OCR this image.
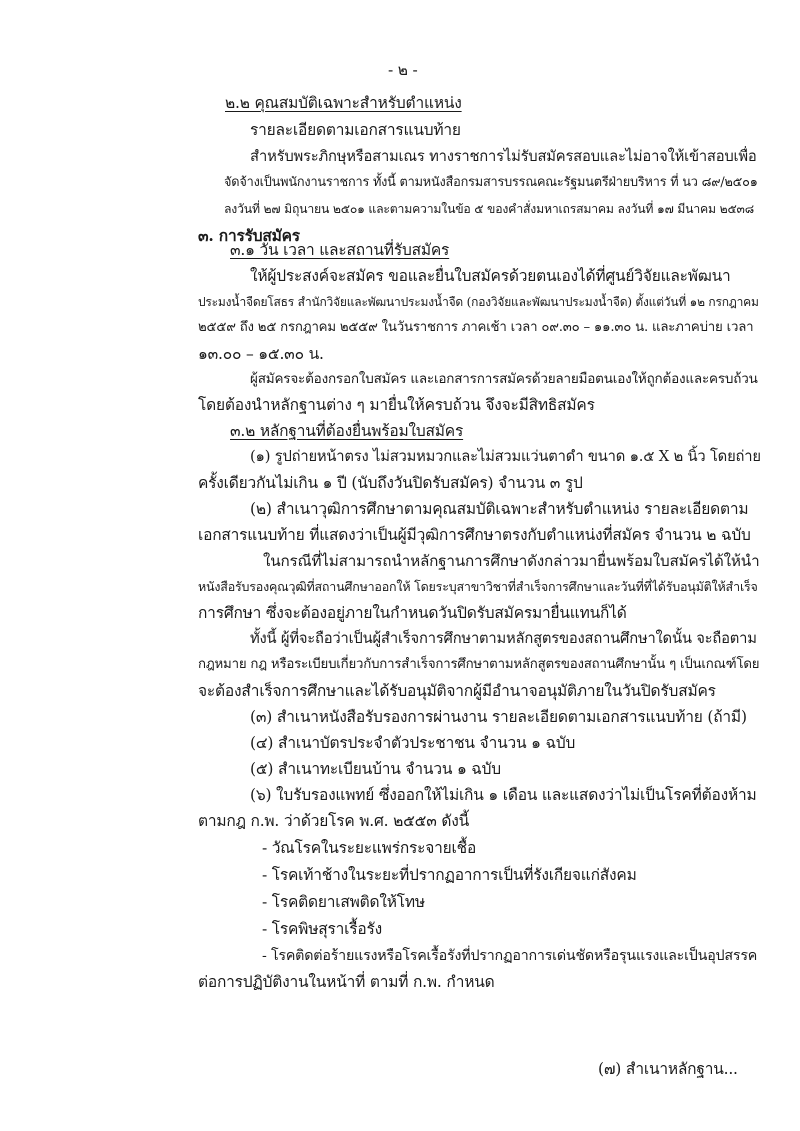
- ๒ -
๒.๒ คุณสมบัติเฉพาะสำหรับตำแหน่ง
รายละเอียดตามเอกสารแนบท้าย
สำหรับพระภิกษุหรือสามเณร ทางราชการไม่รับสมัครสอบและไม่อาจให้เข้าสอบเพื่อ
จัดจ้างเป็นพนักงานราชการ ทั้งนี้ ตามหนังสือกรมสารบรรณคณะรัฐมนตรีฝ่ายบริหาร ที่ นว ๘๙/๒๕๐๑
ลงวันที่ ๒๗ มิถุนายน ๒๕๐๑ และตามความในข้อ ๕ ของคำสั่งมหาเถรสมาคม ลงวันที่ ๑๗ มีนาคม ๒๕๓๘
๓. การรับสมัคร
๓.๑ วัน เวลา และสถานที่รับสมัคร
ให้ผู้ประสงค์จะสมัคร ขอและยื่นใบสมัครด้วยตนเองได้ที่ศูนย์วิจัยและพัฒนา
ประมงน้ำจืดยโสธร สำนักวิจัยและพัฒนาประมงน้ำจืด (กองวิจัยและพัฒนาประมงน้ำจืด) ตั้งแต่วันที่ ๑๒ กรกฎาคม
๒๕๕๙ ถึง ๒๕ กรกฎาคม ๒๕๕๙ ในวันราชการ ภาคเช้า เวลา ๐๙.๓๐ – ๑๑.๓๐ น. และภาคบ่าย เวลา
๑๓.๐๐ – ๑๕.๓๐ น.
ผู้สมัครจะต้องกรอกใบสมัคร และเอกสารการสมัครด้วยลายมือตนเองให้ถูกต้องและครบถ้วน
โดยต้องนำหลักฐานต่าง ๆ มายื่นให้ครบถ้วน จึงจะมีสิทธิสมัคร
๓.๒ หลักฐานที่ต้องยื่นพร้อมใบสมัคร
(๑) รูปถ่ายหน้าตรง ไม่สวมหมวกและไม่สวมแว่นตาดำ ขนาด ๑.๕ X ๒ นิ้ว โดยถ่าย
ครั้งเดียวกันไม่เกิน ๑ ปี (นับถึงวันปิดรับสมัคร) จำนวน ๓ รูป
(๒) สำเนาวุฒิการศึกษาตามคุณสมบัติเฉพาะสำหรับตำแหน่ง รายละเอียดตาม
เอกสารแนบท้าย ที่แสดงว่าเป็นผู้มีวุฒิการศึกษาตรงกับตำแหน่งที่สมัคร จำนวน ๒ ฉบับ
ในกรณีที่ไม่สามารถนำหลักฐานการศึกษาดังกล่าวมายื่นพร้อมใบสมัครได้ให้นำ
หนังสือรับรองคุณวุฒิที่สถานศึกษาออกให้ โดยระบุสาขาวิชาที่สำเร็จการศึกษาและวันที่ที่ได้รับอนุมัติให้สำเร็จ
การศึกษา ซึ่งจะต้องอยู่ภายในกำหนดวันปิดรับสมัครมายื่นแทนก็ได้
ทั้งนี้ ผู้ที่จะถือว่าเป็นผู้สำเร็จการศึกษาตามหลักสูตรของสถานศึกษาใดนั้น จะถือตาม
กฎหมาย กฎ หรือระเบียบเกี่ยวกับการสำเร็จการศึกษาตามหลักสูตรของสถานศึกษานั้น ๆ เป็นเกณฑ์โดย
จะต้องสำเร็จการศึกษาและได้รับอนุมัติจากผู้มีอำนาจอนุมัติภายในวันปิดรับสมัคร
(๓) สำเนาหนังสือรับรองการผ่านงาน รายละเอียดตามเอกสารแนบท้าย (ถ้ามี)
(๔) สำเนาบัตรประจำตัวประชาชน จำนวน ๑ ฉบับ
(๕) สำเนาทะเบียนบ้าน จำนวน ๑ ฉบับ
(๖) ใบรับรองแพทย์ ซึ่งออกให้ไม่เกิน ๑ เดือน และแสดงว่าไม่เป็นโรคที่ต้องห้าม
ตามกฎ ก.พ. ว่าด้วยโรค พ.ศ. ๒๕๕๓ ดังนี้
- วัณโรคในระยะแพร่กระจายเชื้อ
- โรคเท้าช้างในระยะที่ปรากฏอาการเป็นที่รังเกียจแก่สังคม
- โรคติดยาเสพติดให้โทษ
- โรคพิษสุราเรื้อรัง
- โรคติดต่อร้ายแรงหรือโรคเรื้อรังที่ปรากฏอาการเด่นชัดหรือรุนแรงและเป็นอุปสรรค
ต่อการปฏิบัติงานในหน้าที่ ตามที่ ก.พ. กำหนด
(๗) สำเนาหลักฐาน...
